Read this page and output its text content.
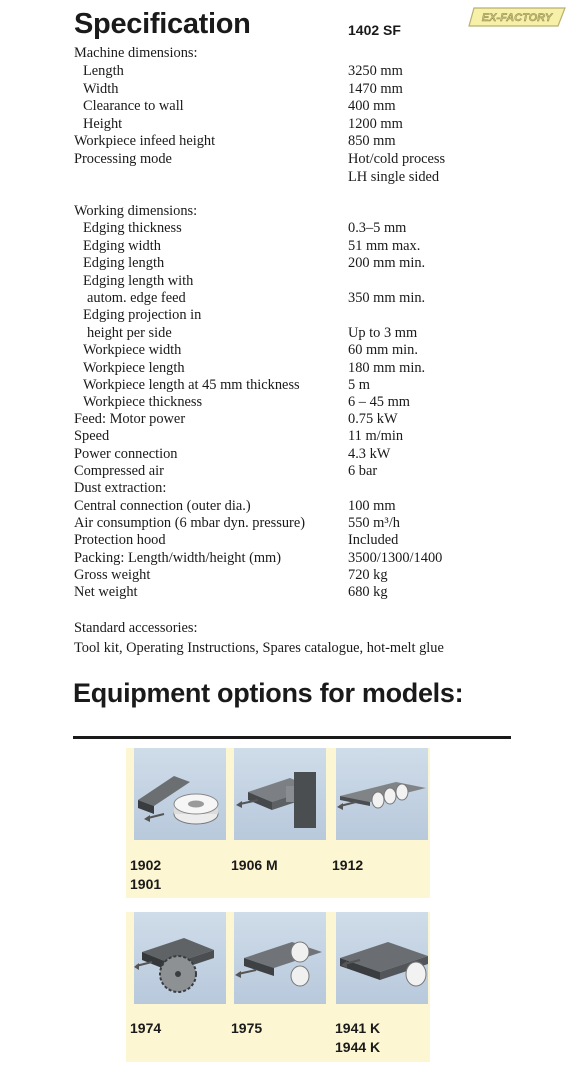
Specification	1402 SF
EX-FACTORY
Machine dimensions:
Length	3250 mm
Width	1470 mm
Clearance to wall	400 mm
Height	1200 mm
Workpiece infeed height	850 mm
Processing mode	Hot/cold process
LH single sided
Working dimensions:
Edging thickness	0.3–5 mm
Edging width	51 mm max.
Edging length	200 mm min.
Edging length with
autom. edge feed	350 mm min.
Edging projection in
height per side	Up to 3 mm
Workpiece width	60 mm min.
Workpiece length	180 mm min.
Workpiece length at 45 mm thickness	5 m
Workpiece thickness	6 – 45 mm
Feed: Motor power	0.75 kW
Speed	11 m/min
Power connection	4.3 kW
Compressed air	6 bar
Dust extraction:
Central connection (outer dia.)	100 mm
Air consumption (6 mbar dyn. pressure)	550 m³/h
Protection hood	Included
Packing: Length/width/height (mm)	3500/1300/1400
Gross weight	720 kg
Net weight	680 kg
Standard accessories:
Tool kit, Operating Instructions, Spares catalogue, hot-melt glue
Equipment options for models:
1902
1901
1906 M	1912
1974	1975	1941 K
1944 K
